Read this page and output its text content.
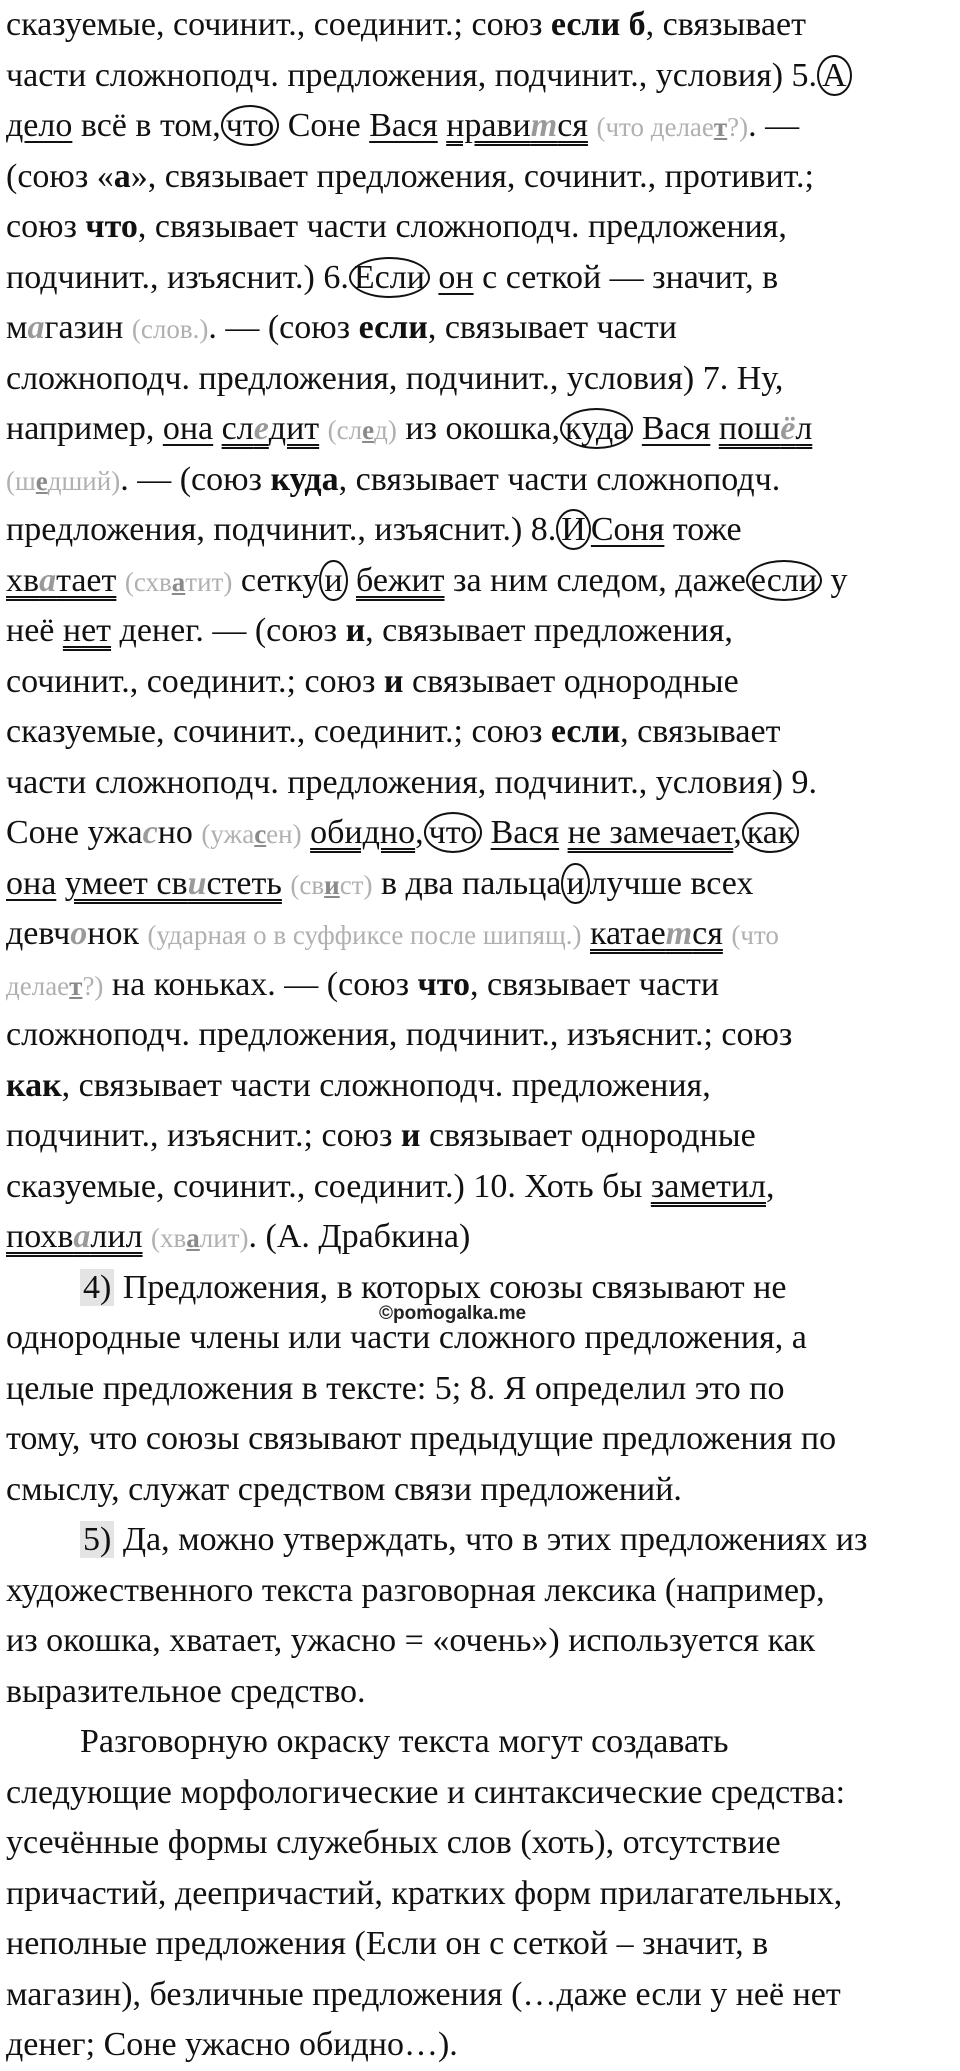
сказуемые, сочинит., соединит.; союз если б, связывает
части сложноподч. предложения, подчинит., условия) 5. А
дело всё в том, что Соне Вася нравится (что делает?). —
(союз «а», связывает предложения, сочинит., противит.;
союз что, связывает части сложноподч. предложения,
подчинит., изъяснит.) 6. Если он с сеткой — значит, в
магазин (слов.). — (союз если, связывает части
сложноподч. предложения, подчинит., условия) 7. Ну,
например, она следит (след) из окошка, куда Вася пошёл
(шедший). — (союз куда, связывает части сложноподч.
предложения, подчинит., изъяснит.) 8. И Соня тоже
хватает (схватит) сетку и бежит за ним следом, даже если у
неё нет денег. — (союз и, связывает предложения,
сочинит., соединит.; союз и связывает однородные
сказуемые, сочинит., соединит.; союз если, связывает
части сложноподч. предложения, подчинит., условия) 9.
Соне ужасно (ужасен) обидно, что Вася не замечает, как
она умеет свистеть (свист) в два пальца и лучше всех
девчонок (ударная о в суффиксе после шипящ.) катается (что
делает?) на коньках. — (союз что, связывает части
сложноподч. предложения, подчинит., изъяснит.; союз
как, связывает части сложноподч. предложения,
подчинит., изъяснит.; союз и связывает однородные
сказуемые, сочинит., соединит.) 10. Хоть бы заметил,
похвалил (хвалит). (А. Драбкина)
4) Предложения, в которых союзы связывают не
однородные члены или части сложного предложения, а
целые предложения в тексте: 5; 8. Я определил это по
тому, что союзы связывают предыдущие предложения по
смыслу, служат средством связи предложений.
5) Да, можно утверждать, что в этих предложениях из
художественного текста разговорная лексика (например,
из окошка, хватает, ужасно = «очень») используется как
выразительное средство.
Разговорную окраску текста могут создавать
следующие морфологические и синтаксические средства:
усечённые формы служебных слов (хоть), отсутствие
причастий, деепричастий, кратких форм прилагательных,
неполные предложения (Если он с сеткой – значит, в
магазин), безличные предложения (…даже если у неё нет
денег; Соне ужасно обидно…).
©pomogalka.me
